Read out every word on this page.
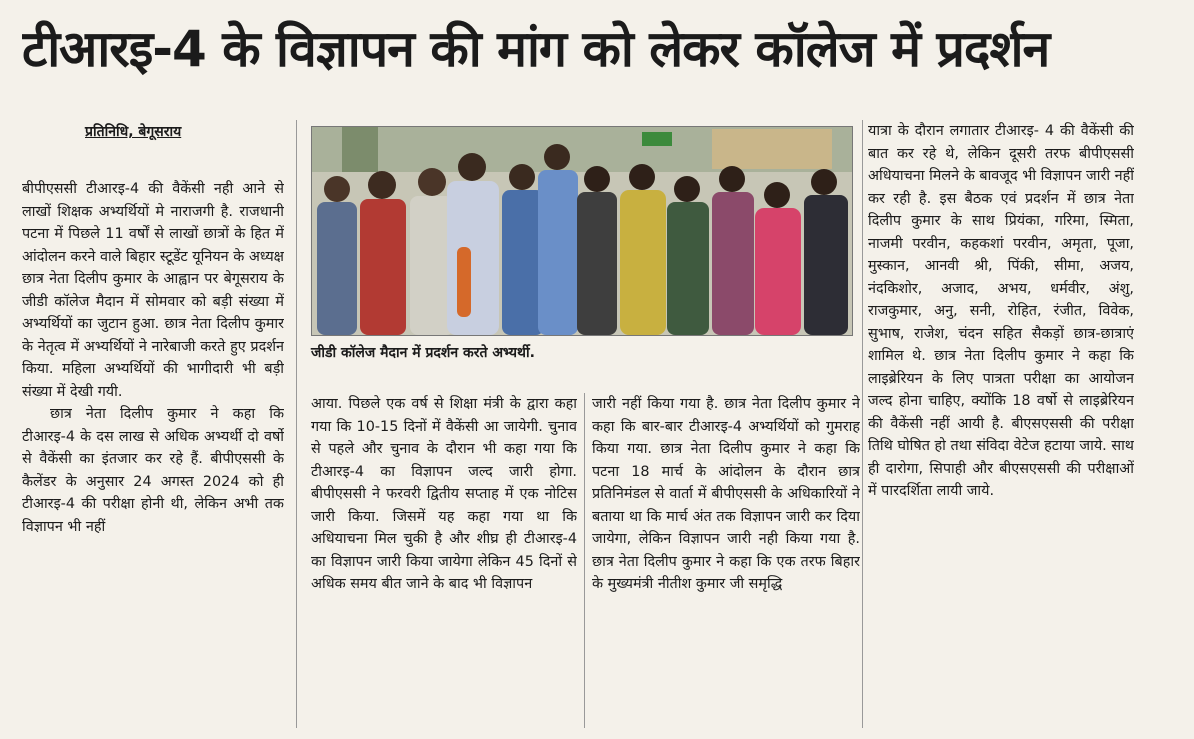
टीआरइ-4 के विज्ञापन की मांग को लेकर कॉलेज में प्रदर्शन
प्रतिनिधि, बेगूसराय

बीपीएससी टीआरइ-4 की वैकेंसी नही आने से लाखों शिक्षक अभ्यर्थियों मे नाराजगी है. राजधानी पटना में पिछले 11 वर्षों से लाखों छात्रों के हित में आंदोलन करने वाले बिहार स्टूडेंट यूनियन के अध्यक्ष छात्र नेता दिलीप कुमार के आह्वान पर बेगूसराय के जीडी कॉलेज मैदान में सोमवार को बड़ी संख्या में अभ्यर्थियों का जुटान हुआ. छात्र नेता दिलीप कुमार के नेतृत्व में अभ्यर्थियों ने नारेबाजी करते हुए प्रदर्शन किया. महिला अभ्यर्थियों की भागीदारी भी बड़ी संख्या में देखी गयी.

छात्र नेता दिलीप कुमार ने कहा कि टीआरइ-4 के दस लाख से अधिक अभ्यर्थी दो वर्षो से वैकेंसी का इंतजार कर रहे हैं. बीपीएससी के कैलेंडर के अनुसार 24 अगस्त 2024 को ही टीआरइ-4 की परीक्षा होनी थी, लेकिन अभी तक विज्ञापन भी नहीं

जीडी कॉलेज मैदान में प्रदर्शन करते अभ्यर्थी.

आया. पिछले एक वर्ष से शिक्षा मंत्री के द्वारा कहा गया कि 10-15 दिनों में वैकेंसी आ जायेगी. चुनाव से पहले और चुनाव के दौरान भी कहा गया कि टीआरइ-4 का विज्ञापन जल्द जारी होगा. बीपीएससी ने फरवरी द्वितीय सप्ताह में एक नोटिस जारी किया. जिसमें यह कहा गया था कि अधियाचना मिल चुकी है और शीघ्र ही टीआरइ-4 का विज्ञापन जारी किया जायेगा लेकिन 45 दिनों से अधिक समय बीत जाने के बाद भी विज्ञापन

जारी नहीं किया गया है. छात्र नेता दिलीप कुमार ने कहा कि बार-बार टीआरइ-4 अभ्यर्थियों को गुमराह किया गया. छात्र नेता दिलीप कुमार ने कहा कि पटना 18 मार्च के आंदोलन के दौरान छात्र प्रतिनिमंडल से वार्ता में बीपीएससी के अधिकारियों ने बताया था कि मार्च अंत तक विज्ञापन जारी कर दिया जायेगा, लेकिन विज्ञापन जारी नही किया गया है. छात्र नेता दिलीप कुमार ने कहा कि एक तरफ बिहार के मुख्यमंत्री नीतीश कुमार जी समृद्धि

यात्रा के दौरान लगातार टीआरइ- 4 की वैकेंसी की बात कर रहे थे, लेकिन दूसरी तरफ बीपीएससी अधियाचना मिलने के बावजूद भी विज्ञापन जारी नहीं कर रही है. इस बैठक एवं प्रदर्शन में छात्र नेता दिलीप कुमार के साथ प्रियंका, गरिमा, स्मिता, नाजमी परवीन, कहकशां परवीन, अमृता, पूजा, मुस्कान, आनवी श्री, पिंकी, सीमा, अजय, नंदकिशोर, अजाद, अभय, धर्मवीर, अंशु, राजकुमार, अनु, सनी, रोहित, रंजीत, विवेक, सुभाष, राजेश, चंदन सहित सैकड़ों छात्र-छात्राएं शामिल थे. छात्र नेता दिलीप कुमार ने कहा कि लाइब्रेरियन के लिए पात्रता परीक्षा का आयोजन जल्द होना चाहिए, क्योंकि 18 वर्षो से लाइब्रेरियन की वैकेंसी नहीं आयी है. बीएसएससी की परीक्षा तिथि घोषित हो तथा संविदा वेटेज हटाया जाये. साथ ही दारोगा, सिपाही और बीएसएससी की परीक्षाओं में पारदर्शिता लायी जाये.
